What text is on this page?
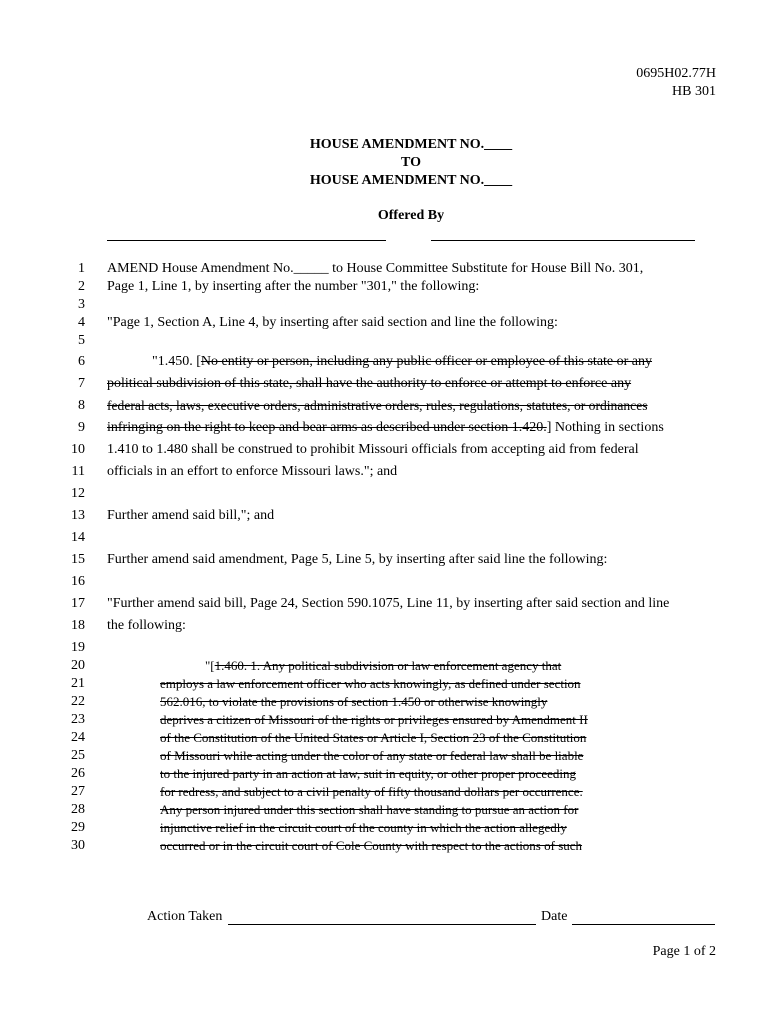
0695H02.77H
HB 301
HOUSE AMENDMENT NO.____
TO
HOUSE AMENDMENT NO.____
Offered By
1
2
3
4
5
6
7
8
9
10
11
12
13
14
15
16
17
18
19
20
21
22
23
24
25
26
27
28
29
30
AMEND House Amendment No._____ to House Committee Substitute for House Bill No. 301,
Page 1, Line 1, by inserting after the number "301," the following:
"Page 1, Section A, Line 4, by inserting after said section and line the following:
"1.450. [No entity or person, including any public officer or employee of this state or any
political subdivision of this state, shall have the authority to enforce or attempt to enforce any
federal acts, laws, executive orders, administrative orders, rules, regulations, statutes, or ordinances
infringing on the right to keep and bear arms as described under section 1.420.] Nothing in sections
1.410 to 1.480 shall be construed to prohibit Missouri officials from accepting aid from federal
officials in an effort to enforce Missouri laws."; and
Further amend said bill,"; and
Further amend said amendment, Page 5, Line 5, by inserting after said line the following:
"Further amend said bill, Page 24, Section 590.1075, Line 11, by inserting after said section and line
the following:
"[1.460. 1. Any political subdivision or law enforcement agency that
employs a law enforcement officer who acts knowingly, as defined under section
562.016, to violate the provisions of section 1.450 or otherwise knowingly
deprives a citizen of Missouri of the rights or privileges ensured by Amendment II
of the Constitution of the United States or Article I, Section 23 of the Constitution
of Missouri while acting under the color of any state or federal law shall be liable
to the injured party in an action at law, suit in equity, or other proper proceeding
for redress, and subject to a civil penalty of fifty thousand dollars per occurrence.
Any person injured under this section shall have standing to pursue an action for
injunctive relief in the circuit court of the county in which the action allegedly
occurred or in the circuit court of Cole County with respect to the actions of such
Action Taken	Date
Page 1 of 2
